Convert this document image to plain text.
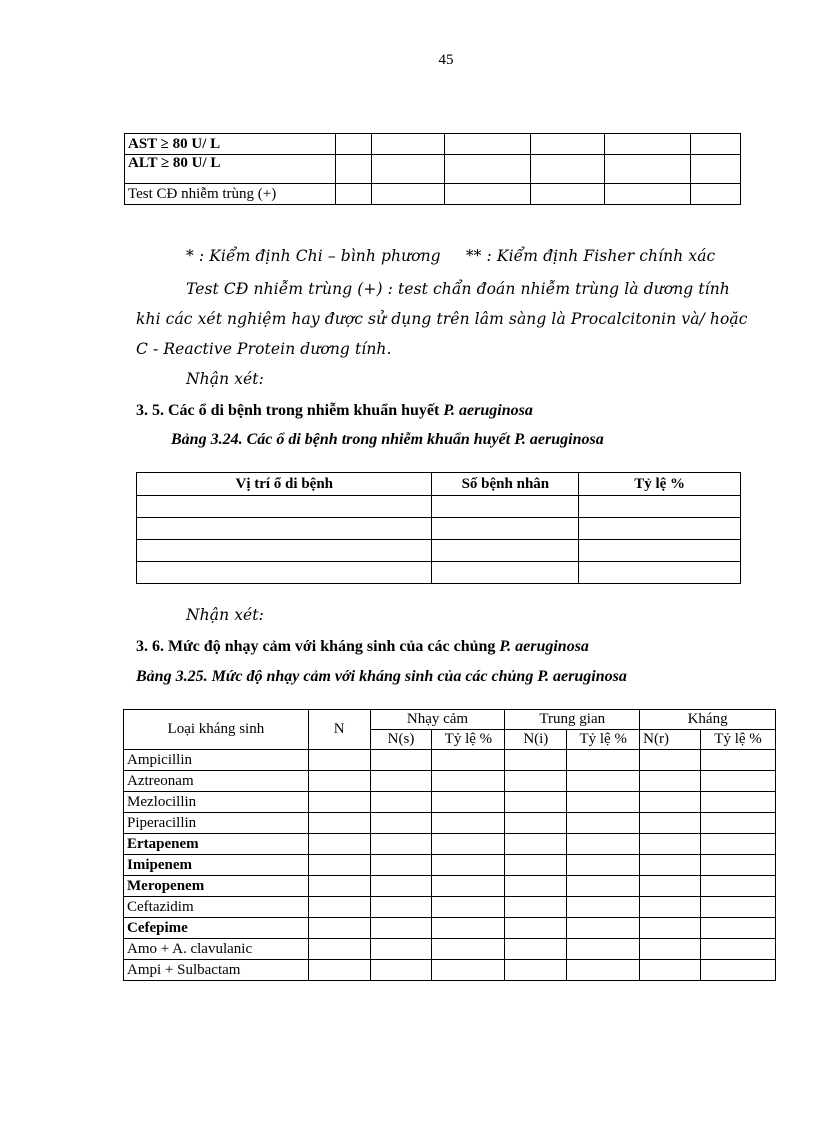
45
AST ≥ 80 U/ L						
ALT ≥ 80 U/ L						
Test CĐ nhiễm trùng (+)						
* : Kiểm định Chi – bình phương     ** : Kiểm định Fisher chính xác
Test CĐ nhiễm trùng (+) : test chẩn đoán nhiễm trùng là dương tính
khi các xét nghiệm hay được sử dụng trên lâm sàng là Procalcitonin và/ hoặc
C - Reactive Protein dương tính.
Nhận xét:
3. 5. Các ổ di bệnh trong nhiễm khuẩn huyết P. aeruginosa
Bảng 3.24. Các ổ di bệnh trong nhiễm khuẩn huyết P. aeruginosa
Vị trí ổ di bệnh	Số bệnh nhân	Tỷ lệ %

Nhận xét:
3. 6. Mức độ nhạy cảm với kháng sinh của các chủng P. aeruginosa
Bảng 3.25. Mức độ nhạy cảm với kháng sinh của các chủng P. aeruginosa
Loại kháng sinh	N	Nhạy cảm		Trung gian		Kháng	
		N(s)	Tỷ lệ %	N(i)	Tỷ lệ %	N(r)	Tỷ lệ %
Ampicillin							
Aztreonam							
Mezlocillin							
Piperacillin							
Ertapenem							
Imipenem							
Meropenem							
Ceftazidim							
Cefepime							
Amo + A. clavulanic							
Ampi + Sulbactam							
